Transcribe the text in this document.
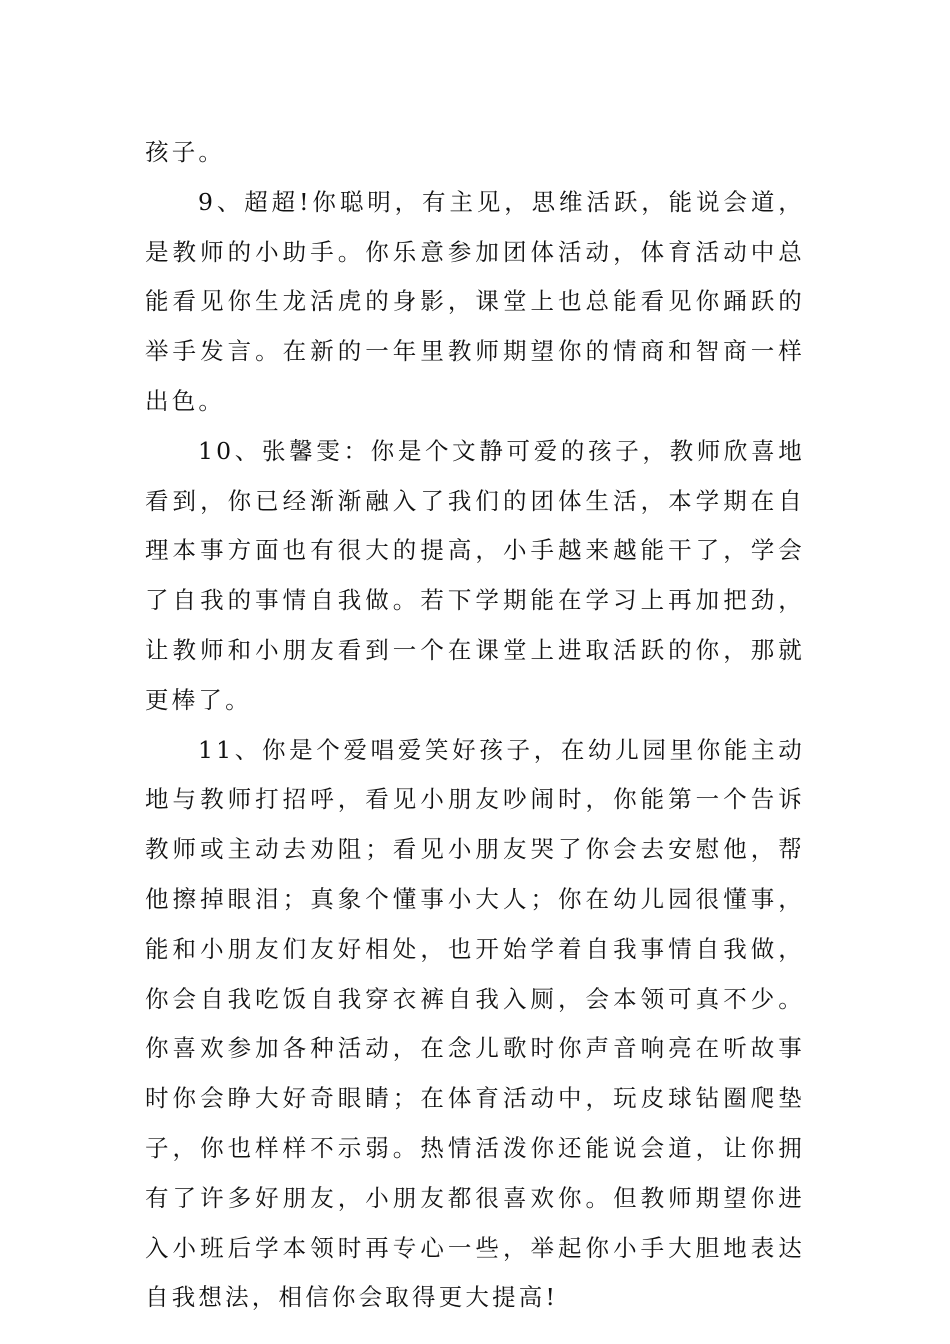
孩子。

9、超超!你聪明，有主见，思维活跃，能说会道，是教师的小助手。你乐意参加团体活动，体育活动中总能看见你生龙活虎的身影，课堂上也总能看见你踊跃的举手发言。在新的一年里教师期望你的情商和智商一样出色。

10、张馨雯：你是个文静可爱的孩子，教师欣喜地看到，你已经渐渐融入了我们的团体生活，本学期在自理本事方面也有很大的提高，小手越来越能干了，学会了自我的事情自我做。若下学期能在学习上再加把劲，让教师和小朋友看到一个在课堂上进取活跃的你，那就更棒了。

11、你是个爱唱爱笑好孩子，在幼儿园里你能主动地与教师打招呼，看见小朋友吵闹时，你能第一个告诉教师或主动去劝阻；看见小朋友哭了你会去安慰他，帮他擦掉眼泪；真象个懂事小大人；你在幼儿园很懂事，能和小朋友们友好相处，也开始学着自我事情自我做，你会自我吃饭自我穿衣裤自我入厕，会本领可真不少。你喜欢参加各种活动，在念儿歌时你声音响亮在听故事时你会睁大好奇眼睛；在体育活动中，玩皮球钻圈爬垫子，你也样样不示弱。热情活泼你还能说会道，让你拥有了许多好朋友，小朋友都很喜欢你。但教师期望你进入小班后学本领时再专心一些，举起你小手大胆地表达自我想法，相信你会取得更大提高!
